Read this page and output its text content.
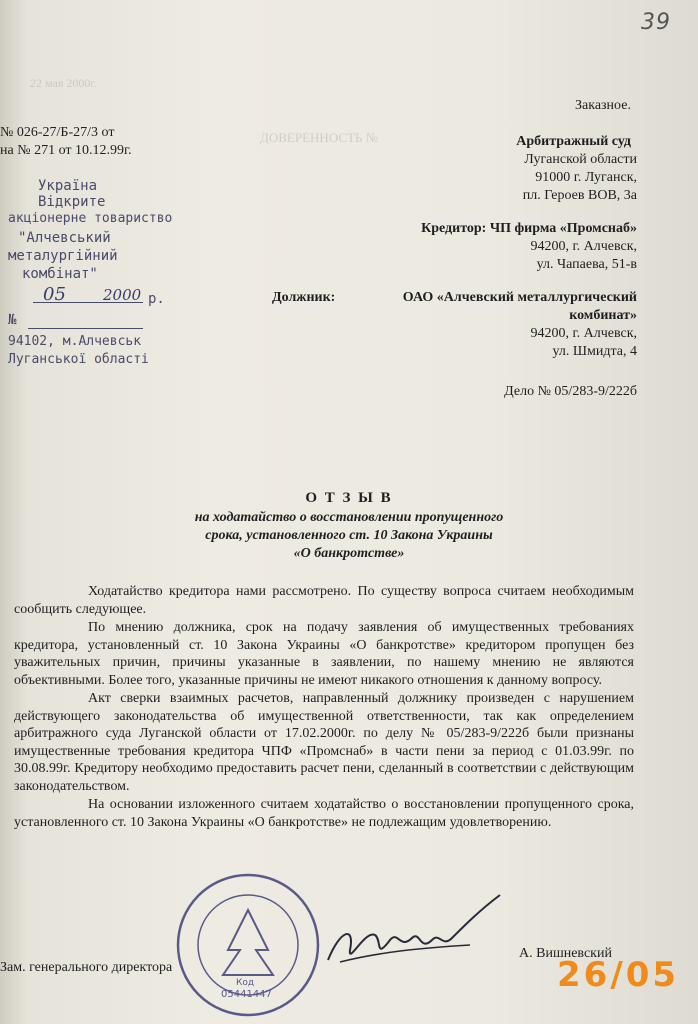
39
22 мая 2000г.
ДОВЕРЕННОСТЬ №
№ 026-27/Б-27/3 от
на № 271 от 10.12.99г.
Заказное.
Арбитражный суд
Луганской области
91000 г. Луганск,
пл. Героев ВОВ, 3а
Кредитор: ЧП фирма «Промснаб»
94200, г. Алчевск,
ул. Чапаева, 51-в
Должник:	ОАО «Алчевский металлургический
комбинат»
94200, г. Алчевск,
ул. Шмидта, 4
Дело № 05/283-9/222б
Україна
Відкрите
акціонерне товариство
"Алчевський
металургійний
комбінат"
05 2000 р.
№
94102, м.Алчевськ
Луганської області
О Т З Ы В
на ходатайство о восстановлении пропущенного
срока, установленного ст. 10 Закона Украины
«О банкротстве»

Ходатайство кредитора нами рассмотрено. По существу вопроса считаем необходимым сообщить следующее.

По мнению должника, срок на подачу заявления об имущественных требованиях кредитора, установленный ст. 10 Закона Украины «О банкротстве» кредитором пропущен без уважительных причин, причины указанные в заявлении, по нашему мнению не являются объективными. Более того, указанные причины не имеют никакого отношения к данному вопросу.

Акт сверки взаимных расчетов, направленный должнику произведен с нарушением действующего законодательства об имущественной ответственности, так как определением арбитражного суда Луганской области от 17.02.2000г. по делу № 05/283-9/222б были признаны имущественные требования кредитора ЧПФ «Промснаб» в части пени за период с 01.03.99г. по 30.08.99г. Кредитору необходимо предоставить расчет пени, сделанный в соответствии с действующим законодательством.

На основании изложенного считаем ходатайство о восстановлении пропущенного срока, установленного ст. 10 Закона Украины «О банкротстве» не подлежащим удовлетворению.

Зам. генерального директора
А. Вишневский
Код
05441447	26/05
